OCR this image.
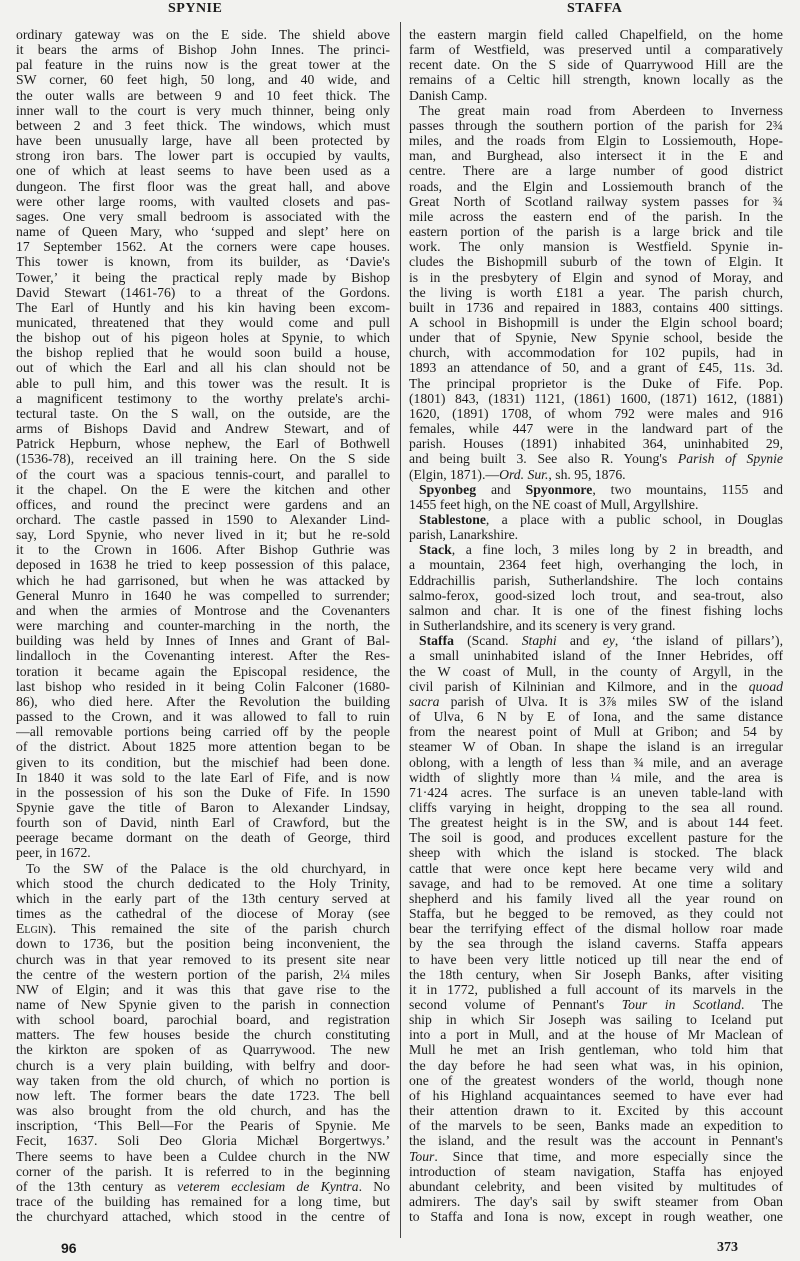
SPYNIE	STAFFA
ordinary gateway was on the E side. The shield above
it bears the arms of Bishop John Innes. The princi-
pal feature in the ruins now is the great tower at the
SW corner, 60 feet high, 50 long, and 40 wide, and
the outer walls are between 9 and 10 feet thick. The
inner wall to the court is very much thinner, being only
between 2 and 3 feet thick. The windows, which must
have been unusually large, have all been protected by
strong iron bars. The lower part is occupied by vaults,
one of which at least seems to have been used as a
dungeon. The first floor was the great hall, and above
were other large rooms, with vaulted closets and pas-
sages. One very small bedroom is associated with the
name of Queen Mary, who ‘supped and slept’ here on
17 September 1562. At the corners were cape houses.
This tower is known, from its builder, as ‘Davie's
Tower,’ it being the practical reply made by Bishop
David Stewart (1461-76) to a threat of the Gordons.
The Earl of Huntly and his kin having been excom-
municated, threatened that they would come and pull
the bishop out of his pigeon holes at Spynie, to which
the bishop replied that he would soon build a house,
out of which the Earl and all his clan should not be
able to pull him, and this tower was the result. It is
a magnificent testimony to the worthy prelate's archi-
tectural taste. On the S wall, on the outside, are the
arms of Bishops David and Andrew Stewart, and of
Patrick Hepburn, whose nephew, the Earl of Bothwell
(1536-78), received an ill training here. On the S side
of the court was a spacious tennis-court, and parallel to
it the chapel. On the E were the kitchen and other
offices, and round the precinct were gardens and an
orchard. The castle passed in 1590 to Alexander Lind-
say, Lord Spynie, who never lived in it; but he re-sold
it to the Crown in 1606. After Bishop Guthrie was
deposed in 1638 he tried to keep possession of this palace,
which he had garrisoned, but when he was attacked by
General Munro in 1640 he was compelled to surrender;
and when the armies of Montrose and the Covenanters
were marching and counter-marching in the north, the
building was held by Innes of Innes and Grant of Bal-
lindalloch in the Covenanting interest. After the Res-
toration it became again the Episcopal residence, the
last bishop who resided in it being Colin Falconer (1680-
86), who died here. After the Revolution the building
passed to the Crown, and it was allowed to fall to ruin
—all removable portions being carried off by the people
of the district. About 1825 more attention began to be
given to its condition, but the mischief had been done.
In 1840 it was sold to the late Earl of Fife, and is now
in the possession of his son the Duke of Fife. In 1590
Spynie gave the title of Baron to Alexander Lindsay,
fourth son of David, ninth Earl of Crawford, but the
peerage became dormant on the death of George, third
peer, in 1672.
To the SW of the Palace is the old churchyard, in
which stood the church dedicated to the Holy Trinity,
which in the early part of the 13th century served at
times as the cathedral of the diocese of Moray (see
Elgin). This remained the site of the parish church
down to 1736, but the position being inconvenient, the
church was in that year removed to its present site near
the centre of the western portion of the parish, 2¼ miles
NW of Elgin; and it was this that gave rise to the
name of New Spynie given to the parish in connection
with school board, parochial board, and registration
matters. The few houses beside the church constituting
the kirkton are spoken of as Quarrywood. The new
church is a very plain building, with belfry and door-
way taken from the old church, of which no portion is
now left. The former bears the date 1723. The bell
was also brought from the old church, and has the
inscription, ‘This Bell—For the Pearis of Spynie. Me
Fecit, 1637. Soli Deo Gloria Michæl Borgertwys.’
There seems to have been a Culdee church in the NW
corner of the parish. It is referred to in the beginning
of the 13th century as veterem ecclesiam de Kyntra. No
trace of the building has remained for a long time, but
the churchyard attached, which stood in the centre of
the eastern margin field called Chapelfield, on the home
farm of Westfield, was preserved until a comparatively
recent date. On the S side of Quarrywood Hill are the
remains of a Celtic hill strength, known locally as the
Danish Camp.
The great main road from Aberdeen to Inverness
passes through the southern portion of the parish for 2¾
miles, and the roads from Elgin to Lossiemouth, Hope-
man, and Burghead, also intersect it in the E and
centre. There are a large number of good district
roads, and the Elgin and Lossiemouth branch of the
Great North of Scotland railway system passes for ¾
mile across the eastern end of the parish. In the
eastern portion of the parish is a large brick and tile
work. The only mansion is Westfield. Spynie in-
cludes the Bishopmill suburb of the town of Elgin. It
is in the presbytery of Elgin and synod of Moray, and
the living is worth £181 a year. The parish church,
built in 1736 and repaired in 1883, contains 400 sittings.
A school in Bishopmill is under the Elgin school board;
under that of Spynie, New Spynie school, beside the
church, with accommodation for 102 pupils, had in
1893 an attendance of 50, and a grant of £45, 11s. 3d.
The principal proprietor is the Duke of Fife. Pop.
(1801) 843, (1831) 1121, (1861) 1600, (1871) 1612, (1881)
1620, (1891) 1708, of whom 792 were males and 916
females, while 447 were in the landward part of the
parish. Houses (1891) inhabited 364, uninhabited 29,
and being built 3. See also R. Young's Parish of Spynie
(Elgin, 1871).—Ord. Sur., sh. 95, 1876.
Spyonbeg and Spyonmore, two mountains, 1155 and
1455 feet high, on the NE coast of Mull, Argyllshire.
Stablestone, a place with a public school, in Douglas
parish, Lanarkshire.
Stack, a fine loch, 3 miles long by 2 in breadth, and
a mountain, 2364 feet high, overhanging the loch, in
Eddrachillis parish, Sutherlandshire. The loch contains
salmo-ferox, good-sized loch trout, and sea-trout, also
salmon and char. It is one of the finest fishing lochs
in Sutherlandshire, and its scenery is very grand.
Staffa (Scand. Staphi and ey, ‘the island of pillars’),
a small uninhabited island of the Inner Hebrides, off
the W coast of Mull, in the county of Argyll, in the
civil parish of Kilninian and Kilmore, and in the quoad
sacra parish of Ulva. It is 3⅞ miles SW of the island
of Ulva, 6 N by E of Iona, and the same distance
from the nearest point of Mull at Gribon; and 54 by
steamer W of Oban. In shape the island is an irregular
oblong, with a length of less than ¾ mile, and an average
width of slightly more than ¼ mile, and the area is
71·424 acres. The surface is an uneven table-land with
cliffs varying in height, dropping to the sea all round.
The greatest height is in the SW, and is about 144 feet.
The soil is good, and produces excellent pasture for the
sheep with which the island is stocked. The black
cattle that were once kept here became very wild and
savage, and had to be removed. At one time a solitary
shepherd and his family lived all the year round on
Staffa, but he begged to be removed, as they could not
bear the terrifying effect of the dismal hollow roar made
by the sea through the island caverns. Staffa appears
to have been very little noticed up till near the end of
the 18th century, when Sir Joseph Banks, after visiting
it in 1772, published a full account of its marvels in the
second volume of Pennant's Tour in Scotland. The
ship in which Sir Joseph was sailing to Iceland put
into a port in Mull, and at the house of Mr Maclean of
Mull he met an Irish gentleman, who told him that
the day before he had seen what was, in his opinion,
one of the greatest wonders of the world, though none
of his Highland acquaintances seemed to have ever had
their attention drawn to it. Excited by this account
of the marvels to be seen, Banks made an expedition to
the island, and the result was the account in Pennant's
Tour. Since that time, and more especially since the
introduction of steam navigation, Staffa has enjoyed
abundant celebrity, and been visited by multitudes of
admirers. The day's sail by swift steamer from Oban
to Staffa and Iona is now, except in rough weather, one
96	373
